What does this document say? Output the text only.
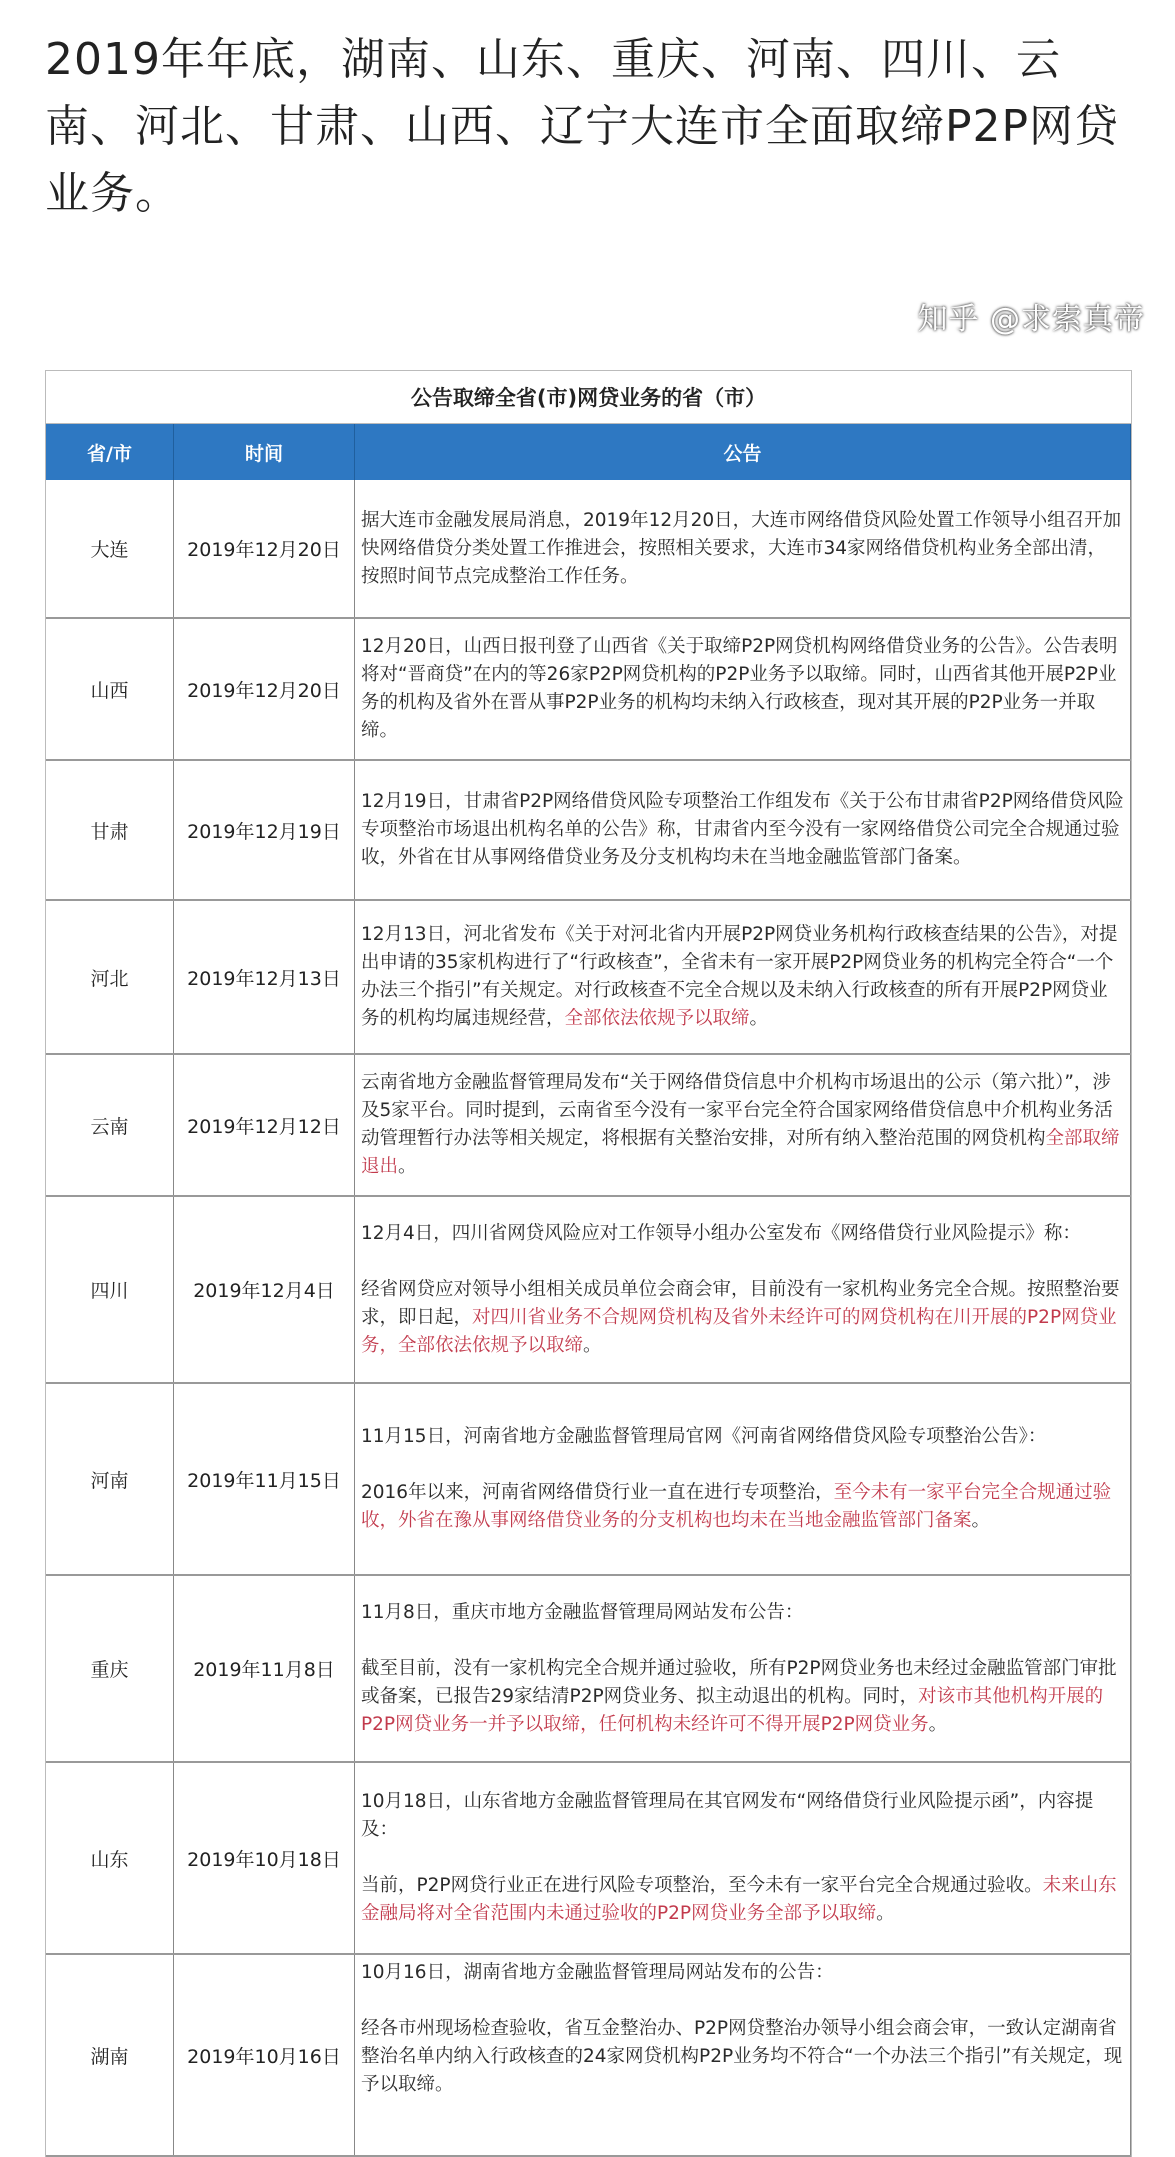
2019年年底，湖南、山东、重庆、河南、四川、云南、河北、甘肃、山西、辽宁大连市全面取缔P2P网贷业务。
公告取缔全省(市)网贷业务的省（市）
省/市	时间	公告
大连	2019年12月20日

据大连市金融发展局消息，2019年12月20日，大连市网络借贷风险处置工作领导小组召开加快网络借贷分类处置工作推进会，按照相关要求，大连市34家网络借贷机构业务全部出清，按照时间节点完成整治工作任务。

山西	2019年12月20日

12月20日，山西日报刊登了山西省《关于取缔P2P网贷机构网络借贷业务的公告》。公告表明将对“晋商贷”在内的等26家P2P网贷机构的P2P业务予以取缔。同时，山西省其他开展P2P业务的机构及省外在晋从事P2P业务的机构均未纳入行政核查，现对其开展的P2P业务一并取缔。

甘肃	2019年12月19日

12月19日，甘肃省P2P网络借贷风险专项整治工作组发布《关于公布甘肃省P2P网络借贷风险专项整治市场退出机构名单的公告》称，甘肃省内至今没有一家网络借贷公司完全合规通过验收，外省在甘从事网络借贷业务及分支机构均未在当地金融监管部门备案。

河北	2019年12月13日

12月13日，河北省发布《关于对河北省内开展P2P网贷业务机构行政核查结果的公告》，对提出申请的35家机构进行了“行政核查”，全省未有一家开展P2P网贷业务的机构完全符合“一个办法三个指引”有关规定。对行政核查不完全合规以及未纳入行政核查的所有开展P2P网贷业务的机构均属违规经营，全部依法依规予以取缔。

云南	2019年12月12日

云南省地方金融监督管理局发布“关于网络借贷信息中介机构市场退出的公示（第六批）”，涉及5家平台。同时提到，云南省至今没有一家平台完全符合国家网络借贷信息中介机构业务活动管理暂行办法等相关规定，将根据有关整治安排，对所有纳入整治范围的网贷机构全部取缔退出。

四川	2019年12月4日

12月4日，四川省网贷风险应对工作领导小组办公室发布《网络借贷行业风险提示》称：

经省网贷应对领导小组相关成员单位会商会审，目前没有一家机构业务完全合规。按照整治要求，即日起，对四川省业务不合规网贷机构及省外未经许可的网贷机构在川开展的P2P网贷业务，全部依法依规予以取缔。

河南	2019年11月15日

11月15日，河南省地方金融监督管理局官网《河南省网络借贷风险专项整治公告》：

2016年以来，河南省网络借贷行业一直在进行专项整治，至今未有一家平台完全合规通过验收，外省在豫从事网络借贷业务的分支机构也均未在当地金融监管部门备案。

重庆	2019年11月8日

11月8日，重庆市地方金融监督管理局网站发布公告：

截至目前，没有一家机构完全合规并通过验收，所有P2P网贷业务也未经过金融监管部门审批或备案，已报告29家结清P2P网贷业务、拟主动退出的机构。同时，对该市其他机构开展的P2P网贷业务一并予以取缔，任何机构未经许可不得开展P2P网贷业务。

山东	2019年10月18日

10月18日，山东省地方金融监督管理局在其官网发布“网络借贷行业风险提示函”，内容提及：

当前，P2P网贷行业正在进行风险专项整治，至今未有一家平台完全合规通过验收。未来山东金融局将对全省范围内未通过验收的P2P网贷业务全部予以取缔。

湖南	2019年10月16日

10月16日，湖南省地方金融监督管理局网站发布的公告：

经各市州现场检查验收，省互金整治办、P2P网贷整治办领导小组会商会审，一致认定湖南省整治名单内纳入行政核查的24家网贷机构P2P业务均不符合“一个办法三个指引”有关规定，现予以取缔。

知乎 @求索真帝
